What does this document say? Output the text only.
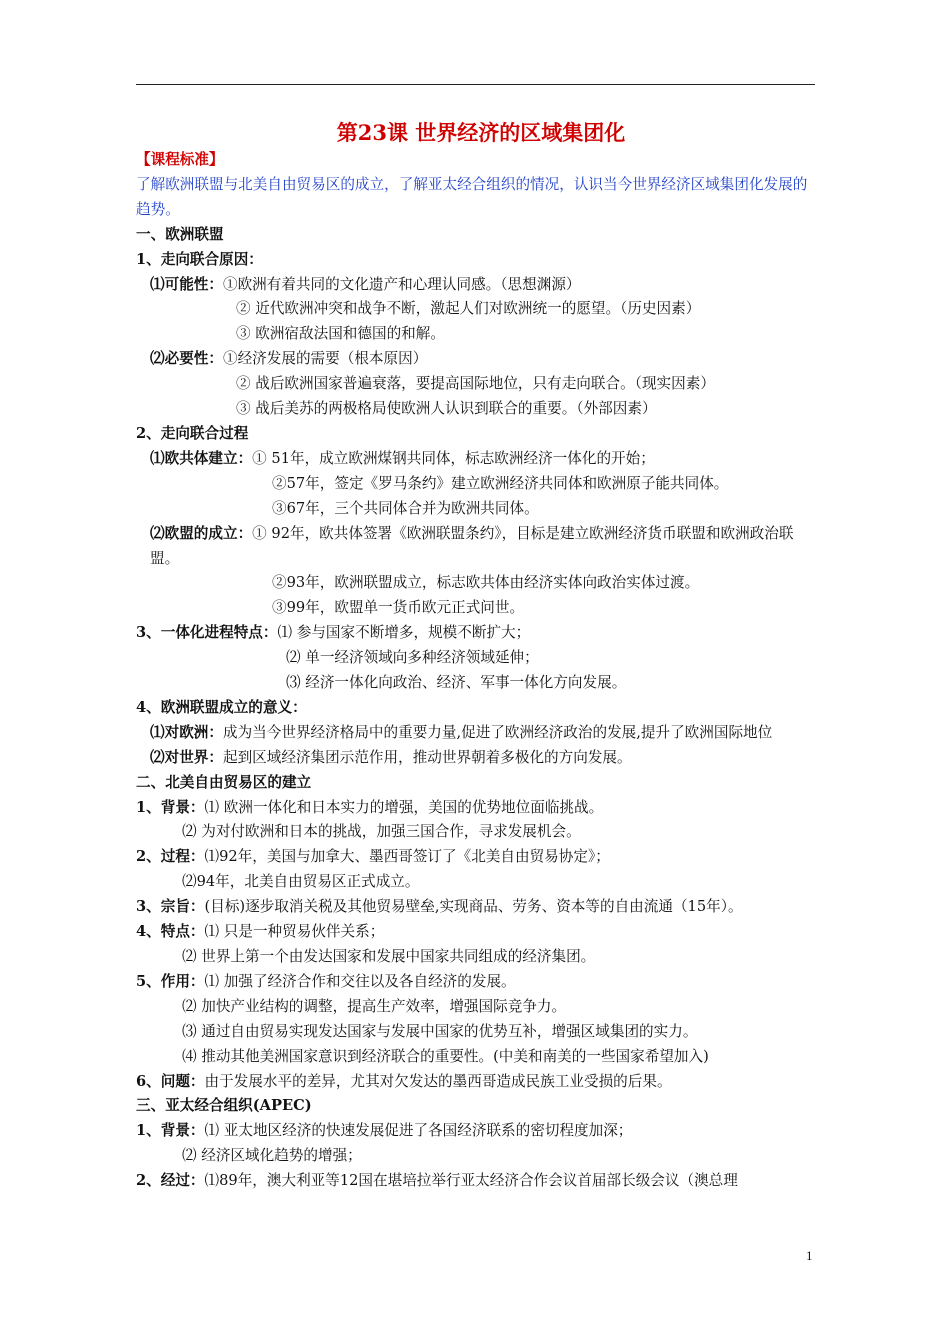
第23课 世界经济的区域集团化
【课程标准】
了解欧洲联盟与北美自由贸易区的成立，了解亚太经合组织的情况，认识当今世界经济区域集团化发展的趋势。
一、欧洲联盟
1、走向联合原因：
⑴可能性：①欧洲有着共同的文化遗产和心理认同感。（思想渊源）
② 近代欧洲冲突和战争不断，激起人们对欧洲统一的愿望。（历史因素）
③ 欧洲宿敌法国和德国的和解。
⑵必要性：①经济发展的需要（根本原因）
② 战后欧洲国家普遍衰落，要提高国际地位，只有走向联合。（现实因素）
③ 战后美苏的两极格局使欧洲人认识到联合的重要。（外部因素）
2、走向联合过程
⑴欧共体建立：① 51年，成立欧洲煤钢共同体，标志欧洲经济一体化的开始；
②57年，签定《罗马条约》建立欧洲经济共同体和欧洲原子能共同体。
③67年，三个共同体合并为欧洲共同体。
⑵欧盟的成立：① 92年，欧共体签署《欧洲联盟条约》，目标是建立欧洲经济货币联盟和欧洲政治联盟。
②93年，欧洲联盟成立，标志欧共体由经济实体向政治实体过渡。
③99年，欧盟单一货币欧元正式问世。
3、一体化进程特点：⑴ 参与国家不断增多，规模不断扩大；
⑵ 单一经济领域向多种经济领域延伸；
⑶ 经济一体化向政治、经济、军事一体化方向发展。
4、欧洲联盟成立的意义：
⑴对欧洲：成为当今世界经济格局中的重要力量,促进了欧洲经济政治的发展,提升了欧洲国际地位
⑵对世界：起到区域经济集团示范作用，推动世界朝着多极化的方向发展。
二、北美自由贸易区的建立
1、背景：⑴ 欧洲一体化和日本实力的增强，美国的优势地位面临挑战。
⑵ 为对付欧洲和日本的挑战，加强三国合作，寻求发展机会。
2、过程：⑴92年，美国与加拿大、墨西哥签订了《北美自由贸易协定》；
⑵94年，北美自由贸易区正式成立。
3、宗旨：(目标)逐步取消关税及其他贸易壁垒,实现商品、劳务、资本等的自由流通（15年）。
4、特点：⑴ 只是一种贸易伙伴关系；
⑵ 世界上第一个由发达国家和发展中国家共同组成的经济集团。
5、作用：⑴ 加强了经济合作和交往以及各自经济的发展。
⑵ 加快产业结构的调整，提高生产效率，增强国际竞争力。
⑶ 通过自由贸易实现发达国家与发展中国家的优势互补，增强区域集团的实力。
⑷ 推动其他美洲国家意识到经济联合的重要性。(中美和南美的一些国家希望加入)
6、问题：由于发展水平的差异，尤其对欠发达的墨西哥造成民族工业受损的后果。
三、亚太经合组织(APEC)
1、背景：⑴ 亚太地区经济的快速发展促进了各国经济联系的密切程度加深；
⑵ 经济区域化趋势的增强；
2、经过：⑴89年，澳大利亚等12国在堪培拉举行亚太经济合作会议首届部长级会议（澳总理
1
